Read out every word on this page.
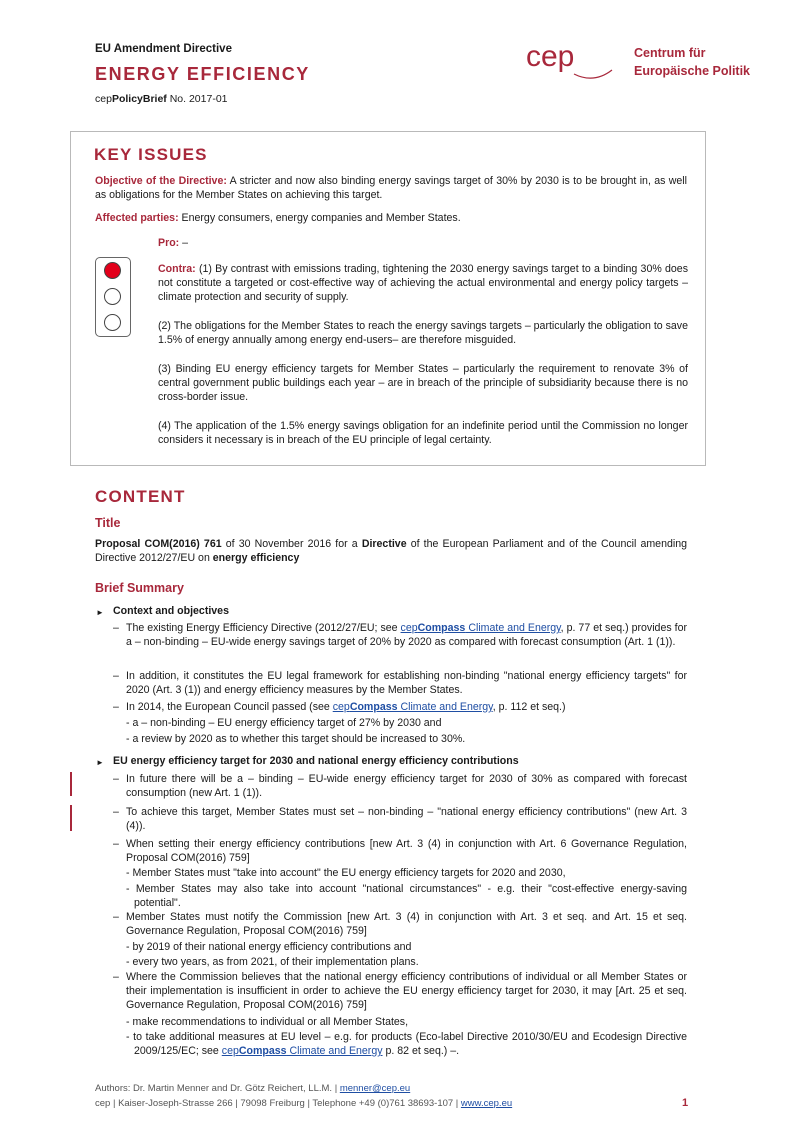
EU Amendment Directive
ENERGY EFFICIENCY
cepPolicyBrief No. 2017-01
cep	Centrum für
Europäische Politik
KEY ISSUES
Objective of the Directive: A stricter and now also binding energy savings target of 30% by 2030 is to be brought in, as well as obligations for the Member States on achieving this target.
Affected parties: Energy consumers, energy companies and Member States.
Pro: –
Contra: (1) By contrast with emissions trading, tightening the 2030 energy savings target to a binding 30% does not constitute a targeted or cost-effective way of achieving the actual environmental and energy policy targets – climate protection and security of supply.
(2) The obligations for the Member States to reach the energy savings targets – particularly the obligation to save 1.5% of energy annually among energy end-users– are therefore misguided.
(3) Binding EU energy efficiency targets for Member States – particularly the requirement to renovate 3% of central government public buildings each year – are in breach of the principle of subsidiarity because there is no cross-border issue.
(4) The application of the 1.5% energy savings obligation for an indefinite period until the Commission no longer considers it necessary is in breach of the EU principle of legal certainty.
CONTENT
Title
Proposal COM(2016) 761 of 30 November 2016 for a Directive of the European Parliament and of the Council amending Directive 2012/27/EU on energy efficiency
Brief Summary
► Context and objectives
– The existing Energy Efficiency Directive (2012/27/EU; see cepCompass Climate and Energy, p. 77 et seq.) provides for a – non-binding – EU-wide energy savings target of 20% by 2020 as compared with forecast consumption (Art. 1 (1)).
– In addition, it constitutes the EU legal framework for establishing non-binding "national energy efficiency targets" for 2020 (Art. 3 (1)) and energy efficiency measures by the Member States.
– In 2014, the European Council passed (see cepCompass Climate and Energy, p. 112 et seq.)
- a – non-binding – EU energy efficiency target of 27% by 2030 and
- a review by 2020 as to whether this target should be increased to 30%.
► EU energy efficiency target for 2030 and national energy efficiency contributions
– In future there will be a – binding – EU-wide energy efficiency target for 2030 of 30% as compared with forecast consumption (new Art. 1 (1)).
– To achieve this target, Member States must set – non-binding – "national energy efficiency contributions" (new Art. 3 (4)).
– When setting their energy efficiency contributions [new Art. 3 (4) in conjunction with Art. 6 Governance Regulation, Proposal COM(2016) 759]
- Member States must "take into account" the EU energy efficiency targets for 2020 and 2030,
- Member States may also take into account "national circumstances" - e.g. their "cost-effective energy-saving potential".
– Member States must notify the Commission [new Art. 3 (4) in conjunction with Art. 3 et seq. and Art. 15 et seq. Governance Regulation, Proposal COM(2016) 759]
- by 2019 of their national energy efficiency contributions and
- every two years, as from 2021, of their implementation plans.
– Where the Commission believes that the national energy efficiency contributions of individual or all Member States or their implementation is insufficient in order to achieve the EU energy efficiency target for 2030, it may [Art. 25 et seq. Governance Regulation, Proposal COM(2016) 759]
- make recommendations to individual or all Member States,
- to take additional measures at EU level – e.g. for products (Eco-label Directive 2010/30/EU and Ecodesign Directive 2009/125/EC; see cepCompass Climate and Energy p. 82 et seq.) –.
Authors: Dr. Martin Menner and Dr. Götz Reichert, LL.M. | menner@cep.eu
cep | Kaiser-Joseph-Strasse 266 | 79098 Freiburg | Telephone +49 (0)761 38693-107 | www.cep.eu	1
